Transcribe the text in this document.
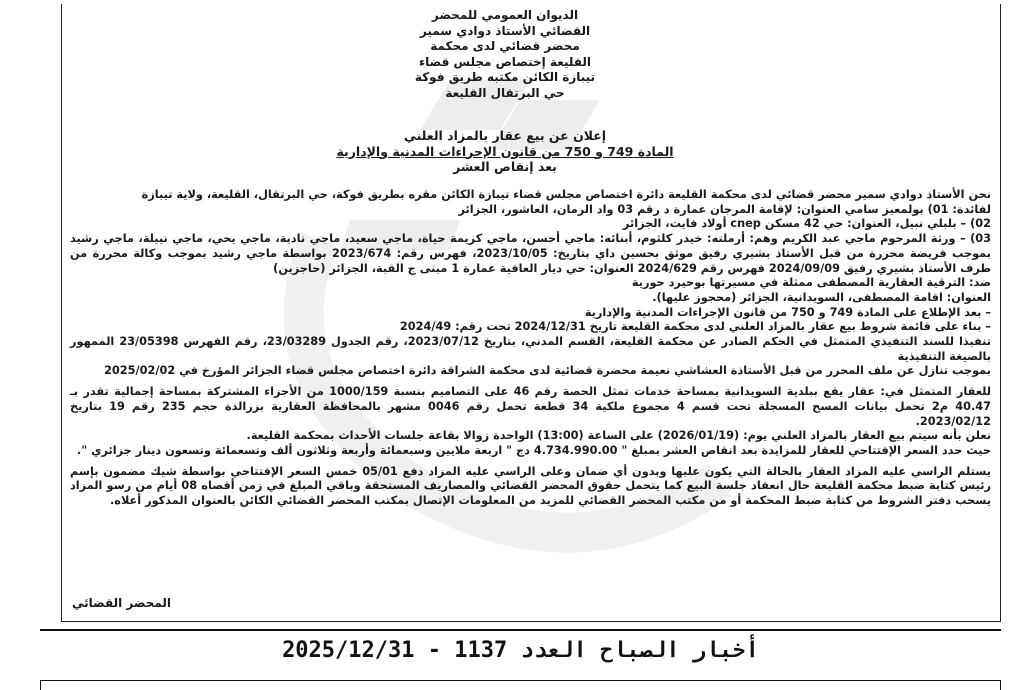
الديوان العمومي للمحضر
القضائي الأستاذ دوادي سمير
محضر قضائي لدى محكمة
القليعة إختصاص مجلس قضاء
تيبازة الكائن مكتبه طريق فوكة
حي البرتقال القليعة
إعلان عن بيع عقار بالمزاد العلني
المادة 749 و 750 من قانون الإجراءات المدنية والإدارية
بعد إنقاص العشر

نحن الأستاذ دوادي سمير محضر قضائي لدى محكمة القليعة دائرة اختصاص مجلس قضاء تيبازة الكائن مقره بطريق فوكة، حي البرتقال، القليعة، ولاية تيبازة

لفائدة: 01) بولمعيز سامي العنوان: لإقامة المرجان عمارة د رقم 03 واد الرمان، العاشور، الجزائر

02) – بلبلي نبيل، العنوان: حي 42 مسكن cnep أولاد فايت، الجزائر

03) – ورثة المرحوم ماجي عبد الكريم وهم: أرملته: خيدر كلثوم، أبنائه: ماجي أحسن، ماجي كريمة حياة، ماجي سعيد، ماجي نادية، ماجي يحي، ماجي نبيلة، ماجي رشيد بموجب فريضة محررة من قبل الأستاذ بشيري رفيق موثق بحسين داي بتاريخ: 2023/10/05، فهرس رقم: 2023/674 بواسطة ماجي رشيد بموجب وكالة محررة من طرف الأستاذ بشيري رفيق 2024/09/09 فهرس رقم 2024/629 العنوان: حي ديار العافية عمارة 1 مبنى ج القبة، الجزائر (حاجزين)

ضد: الترقية العقارية المصطفى ممثلة في مسيرتها بوحيرد حورية

العنوان: اقامة المصطفى، السويدانية، الجزائر (محجوز عليها).

– بعد الإطلاع على المادة 749 و 750 من قانون الإجراءات المدنية والإدارية

– بناء على قائمة شروط بيع عقار بالمزاد العلني لدى محكمة القليعة تاريخ 2024/12/31 تحت رقم: 2024/49

تنفيذا للسند التنفيذي المتمثل في الحكم الصادر عن محكمة القليعة، القسم المدني، بتاريخ 2023/07/12، رقم الجدول 23/03289، رقم الفهرس 23/05398 الممهور بالصيغة التنفيذية

بموجب تنازل عن ملف المحرر من قبل الأستاذة العشاشي نعيمة محضرة قضائية لدى محكمة الشراقة دائرة اختصاص مجلس قضاء الجزائر المؤرخ في 2025/02/02

للعقار المتمثل في: عقار يقع ببلدية السويدانية بمساحة خدمات تمثل الحصة رقم 46 على التصاميم بنسبة 1000/159 من الأجزاء المشتركة بمساحة إجمالية تقدر بـ 40.47 م2 تحمل بيانات المسح المسجلة تحت قسم 4 مجموع ملكية 34 قطعة تحمل رقم 0046 مشهر بالمحافظة العقارية بزرالدة حجم 235 رقم 19 بتاريخ 2023/02/12.

نعلن بأنه سيتم بيع العقار بالمزاد العلني يوم: (2026/01/19) على الساعة (13:00) الواحدة زوالا بقاعة جلسات الأحداث بمحكمة القليعة.

حيث حدد السعر الإفتتاحي للعقار للمزايدة بعد انقاص العشر بمبلغ " 4.734.990.00 دج " اربعة ملايين وسبعمائة وأربعة وثلاثون ألف وتسعمائة وتسعون دينار جزائري ".

يستلم الراسي عليه المزاد العقار بالحالة التي يكون عليها وبدون أي ضمان وعلى الراسي عليه المزاد دفع 05/01 خمس السعر الإفتتاحي بواسطة شيك مضمون بإسم رئيس كتابة ضبط محكمة القليعة حال انعقاد جلسة البيع كما يتحمل حقوق المحضر القضائي والمصاريف المستحقة وباقي المبلغ في زمن أقصاه 08 أيام من رسو المزاد يسحب دفتر الشروط من كتابة ضبط المحكمة أو من مكتب المحضر القضائي للمزيد من المعلومات الإتصال بمكتب المحضر القضائي الكائن بالعنوان المذكور أعلاه.

المحضر القضائي
2025/12/31 - أخبار الصباح العدد 1137
